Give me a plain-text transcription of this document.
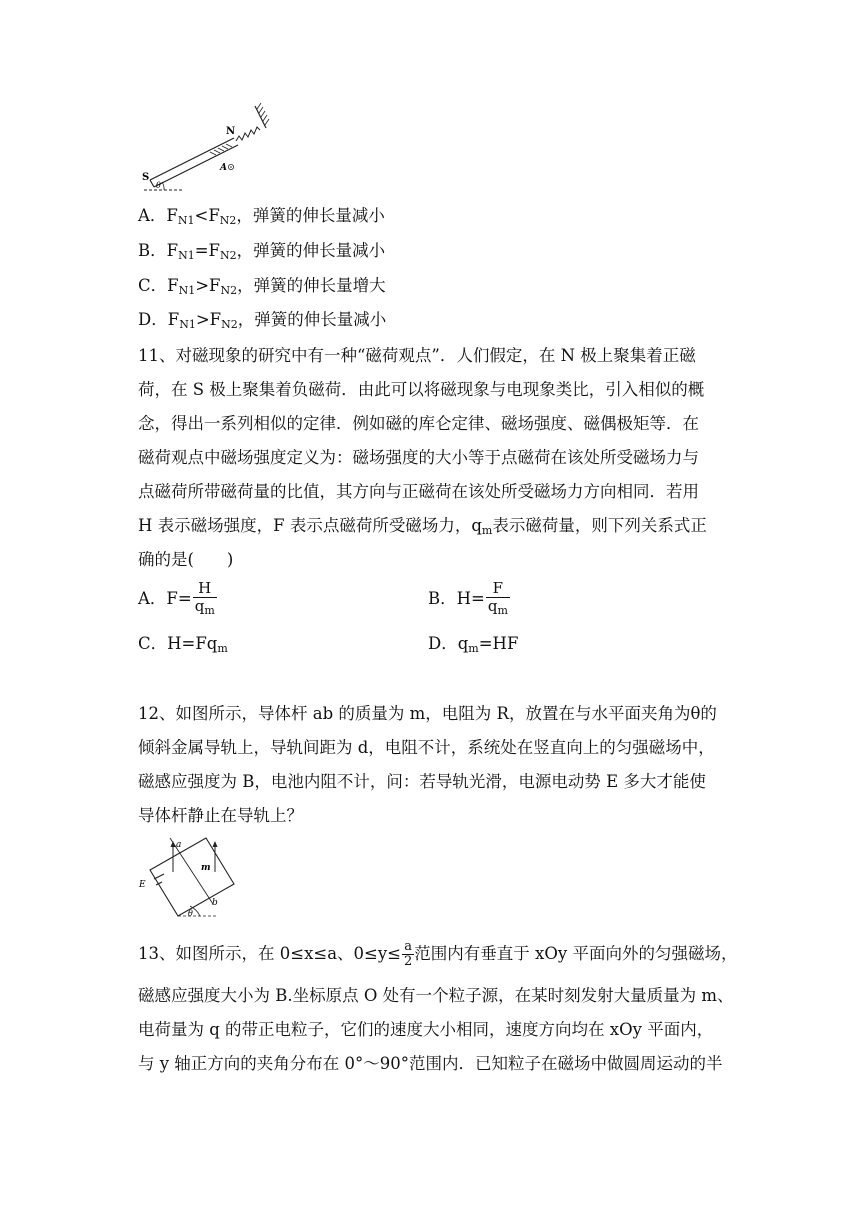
N
S
A
θ
A．$F_{N1}<F_{N2}$，弹簧的伸长量减小
B．$F_{N1}=F_{N2}$，弹簧的伸长量减小
C．$F_{N1}>F_{N2}$，弹簧的伸长量增大
D．$F_{N1}>F_{N2}$，弹簧的伸长量减小
11、对磁现象的研究中有一种“磁荷观点”．人们假定，在 N 极上聚集着正磁
荷，在 S 极上聚集着负磁荷．由此可以将磁现象与电现象类比，引入相似的概
念，得出一系列相似的定律．例如磁的库仑定律、磁场强度、磁偶极矩等．在
磁荷观点中磁场强度定义为：磁场强度的大小等于点磁荷在该处所受磁场力与
点磁荷所带磁荷量的比值，其方向与正磁荷在该处所受磁场力方向相同．若用
H 表示磁场强度，F 表示点磁荷所受磁场力，$q_m$表示磁荷量，则下列关系式正
确的是(　　)
A．$F= \frac{H}{q_m}$	B．$H= \frac{F}{q_m}$
C．$H=Fq_m$	D．$q_m=HF$
12、如图所示，导体杆 ab 的质量为 m，电阻为 R，放置在与水平面夹角为θ的
倾斜金属导轨上，导轨间距为 d，电阻不计，系统处在竖直向上的匀强磁场中，
磁感应强度为 B，电池内阻不计，问：若导轨光滑，电源电动势 E 多大才能使
导体杆静止在导轨上？
a
m
E
b
θ
13、如图所示，在 0≤x≤a、$0\le y\le \frac{a}{2}$ 范围内有垂直于 xOy 平面向外的匀强磁场，
磁感应强度大小为 B.坐标原点 O 处有一个粒子源，在某时刻发射大量质量为 m、
电荷量为 q 的带正电粒子，它们的速度大小相同，速度方向均在 xOy 平面内，
与 y 轴正方向的夹角分布在 0°～90°范围内．已知粒子在磁场中做圆周运动的半
